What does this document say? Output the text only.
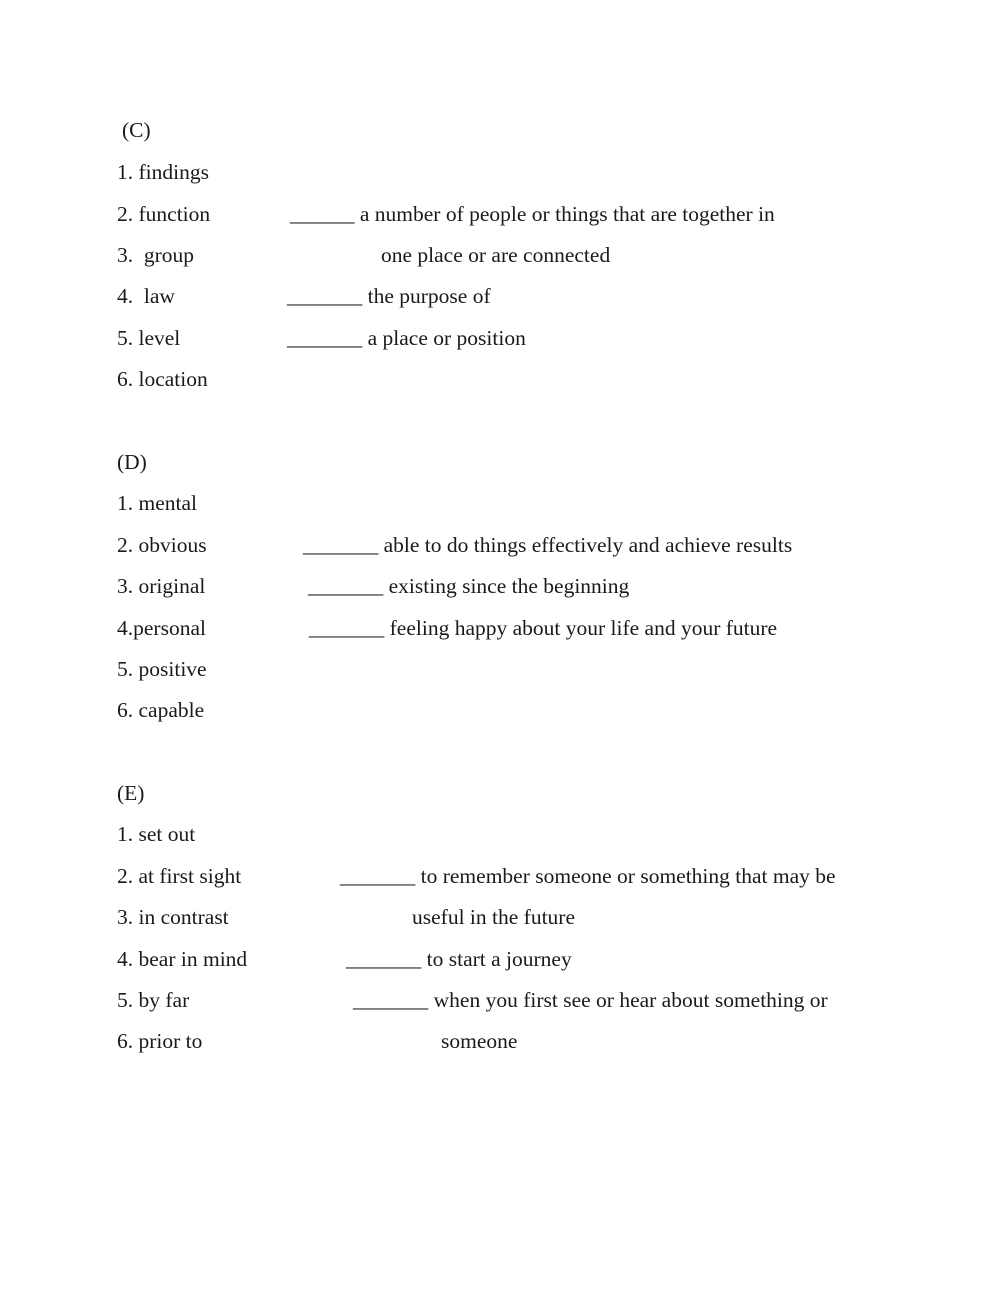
(C)
1. findings
2. function
3.  group
4.  law
5. level
6. location
______ a number of people or things that are together in
one place or are connected
_______ the purpose of
_______ a place or position
(D)
1. mental
2. obvious
3. original
4.personal
5. positive
6. capable
_______ able to do things effectively and achieve results
_______ existing since the beginning
_______ feeling happy about your life and your future
(E)
1. set out
2. at first sight
3. in contrast
4. bear in mind
5. by far
6. prior to
_______ to remember someone or something that may be
useful in the future
_______ to start a journey
_______ when you first see or hear about something or
someone
